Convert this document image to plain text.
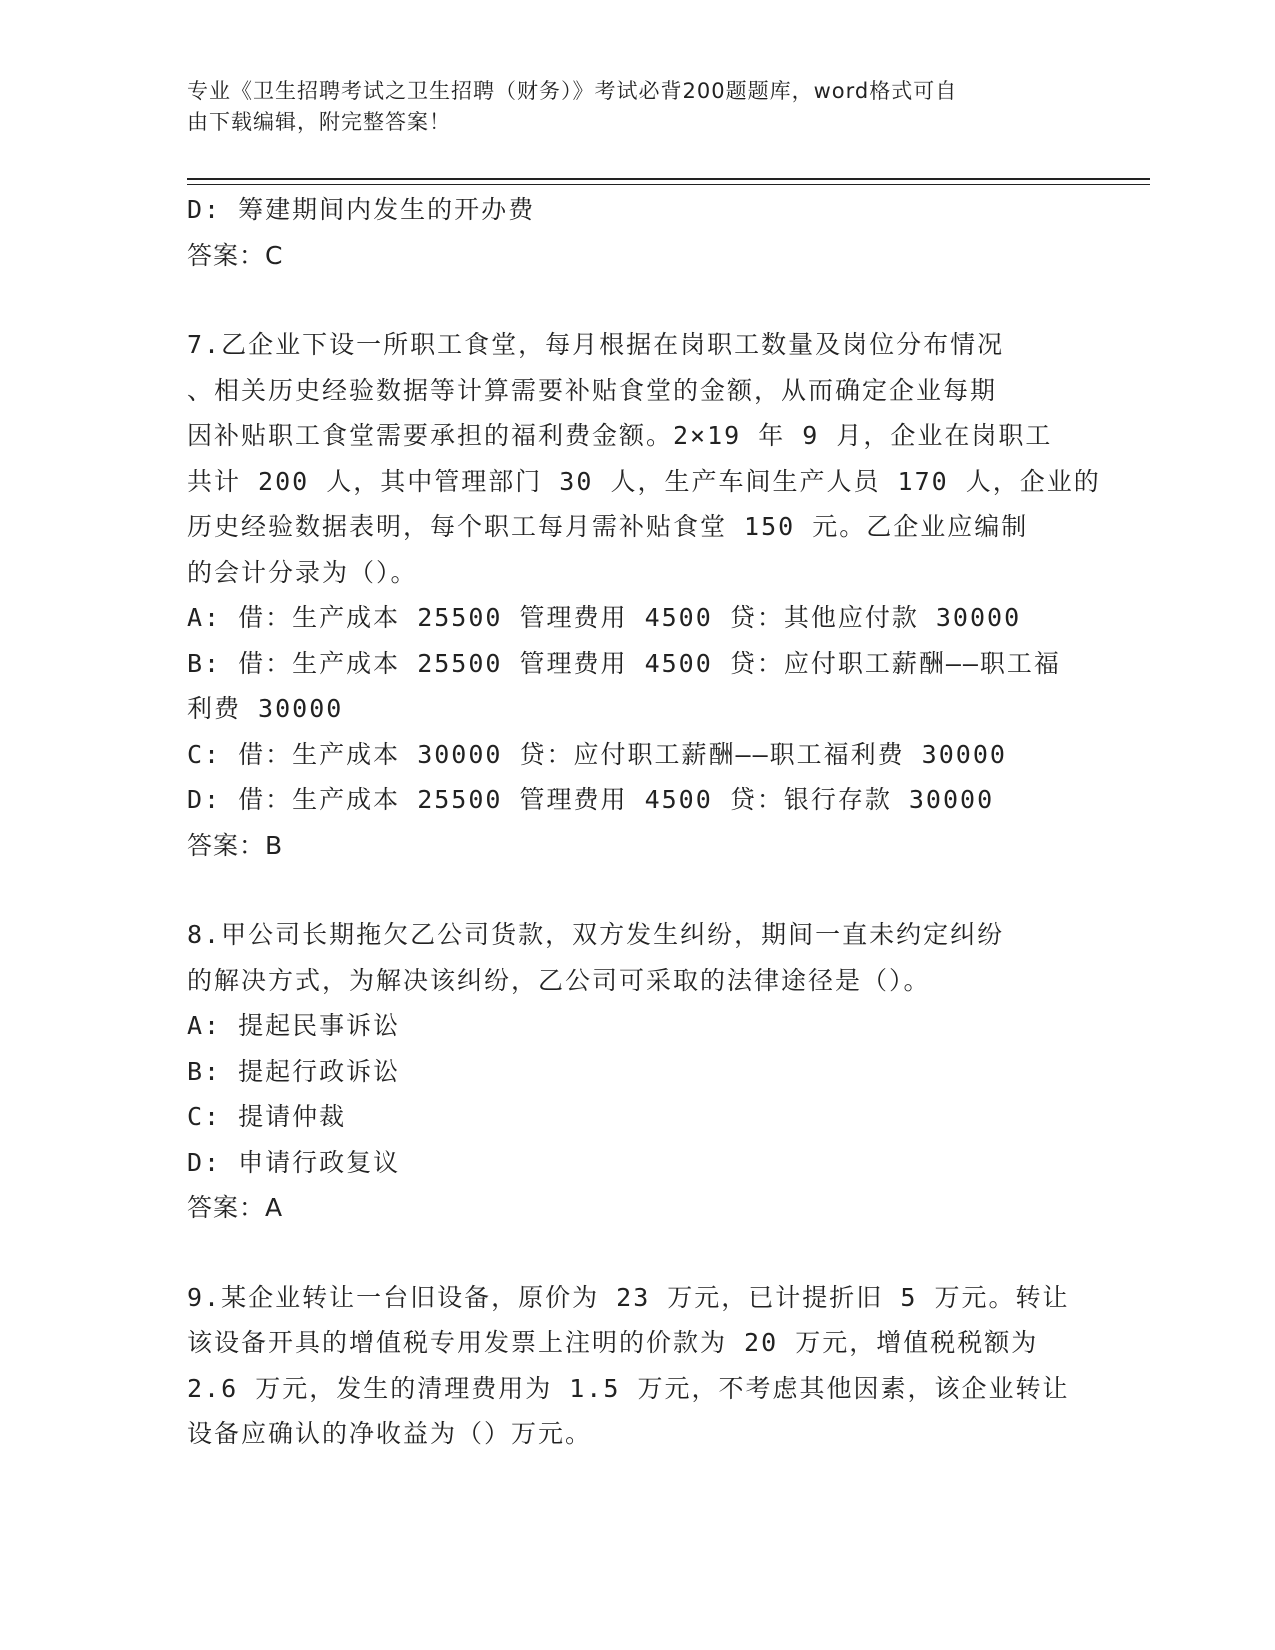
专业《卫生招聘考试之卫生招聘（财务）》考试必背200题题库，word格式可自
由下载编辑，附完整答案！
D: 筹建期间内发生的开办费
答案：C
7.乙企业下设一所职工食堂，每月根据在岗职工数量及岗位分布情况
、相关历史经验数据等计算需要补贴食堂的金额，从而确定企业每期
因补贴职工食堂需要承担的福利费金额。2×19 年 9 月，企业在岗职工
共计 200 人，其中管理部门 30 人，生产车间生产人员 170 人，企业的
历史经验数据表明，每个职工每月需补贴食堂 150 元。乙企业应编制
的会计分录为（）。
A: 借：生产成本 25500 管理费用 4500 贷：其他应付款 30000
B: 借：生产成本 25500 管理费用 4500 贷：应付职工薪酬——职工福
利费 30000
C: 借：生产成本 30000 贷：应付职工薪酬——职工福利费 30000
D: 借：生产成本 25500 管理费用 4500 贷：银行存款 30000
答案：B
8.甲公司长期拖欠乙公司货款，双方发生纠纷，期间一直未约定纠纷
的解决方式，为解决该纠纷，乙公司可采取的法律途径是（）。
A: 提起民事诉讼
B: 提起行政诉讼
C: 提请仲裁
D: 申请行政复议
答案：A
9.某企业转让一台旧设备，原价为 23 万元，已计提折旧 5 万元。转让
该设备开具的增值税专用发票上注明的价款为 20 万元，增值税税额为
2.6 万元，发生的清理费用为 1.5 万元，不考虑其他因素，该企业转让
设备应确认的净收益为（）万元。
